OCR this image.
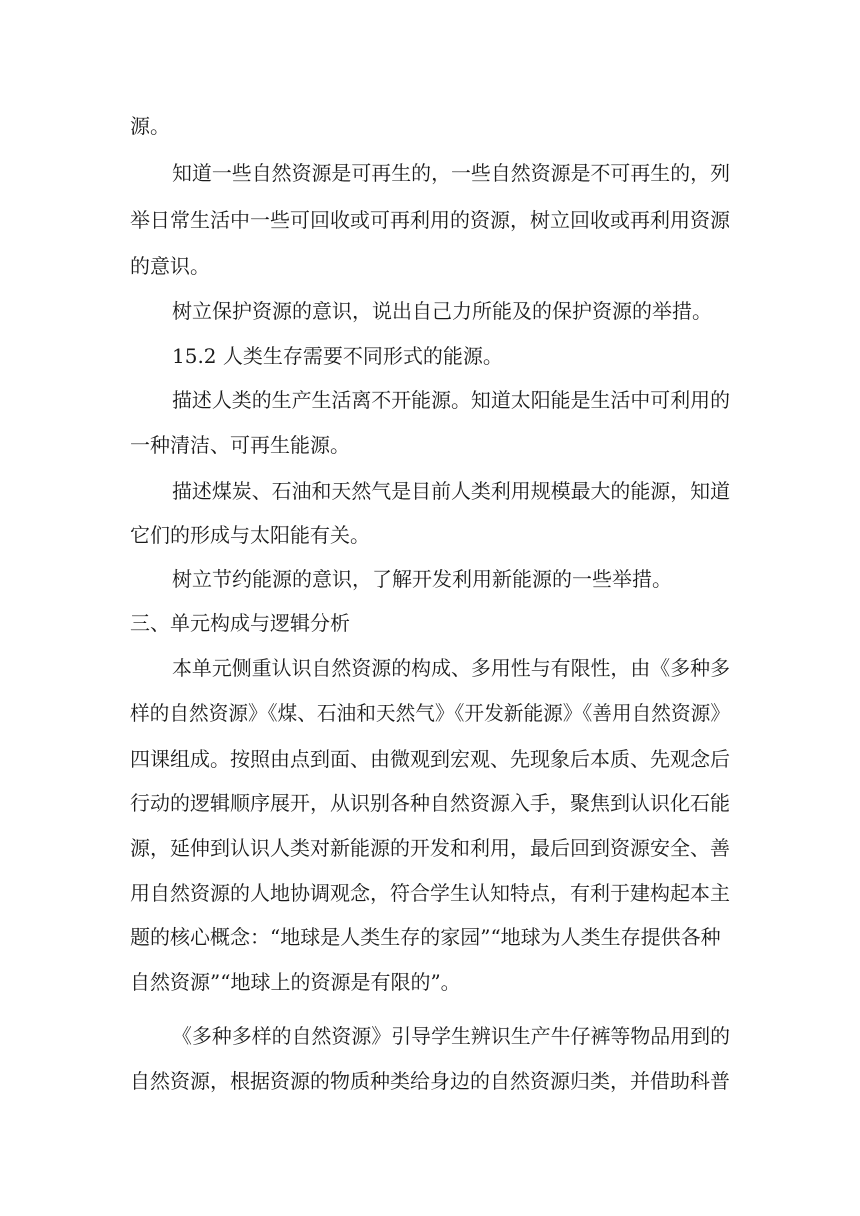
源。

知道一些自然资源是可再生的，一些自然资源是不可再生的，列

举日常生活中一些可回收或可再利用的资源，树立回收或再利用资源

的意识。

树立保护资源的意识，说出自己力所能及的保护资源的举措。

15.2 人类生存需要不同形式的能源。

描述人类的生产生活离不开能源。知道太阳能是生活中可利用的

一种清洁、可再生能源。

描述煤炭、石油和天然气是目前人类利用规模最大的能源，知道

它们的形成与太阳能有关。

树立节约能源的意识，了解开发利用新能源的一些举措。

三、单元构成与逻辑分析

本单元侧重认识自然资源的构成、多用性与有限性，由《多种多

样的自然资源》《煤、石油和天然气》《开发新能源》《善用自然资源》

四课组成。按照由点到面、由微观到宏观、先现象后本质、先观念后

行动的逻辑顺序展开，从识别各种自然资源入手，聚焦到认识化石能

源，延伸到认识人类对新能源的开发和利用，最后回到资源安全、善

用自然资源的人地协调观念，符合学生认知特点，有利于建构起本主

题的核心概念：“地球是人类生存的家园”“地球为人类生存提供各种

自然资源”“地球上的资源是有限的”。

《多种多样的自然资源》引导学生辨识生产牛仔裤等物品用到的

自然资源，根据资源的物质种类给身边的自然资源归类，并借助科普
